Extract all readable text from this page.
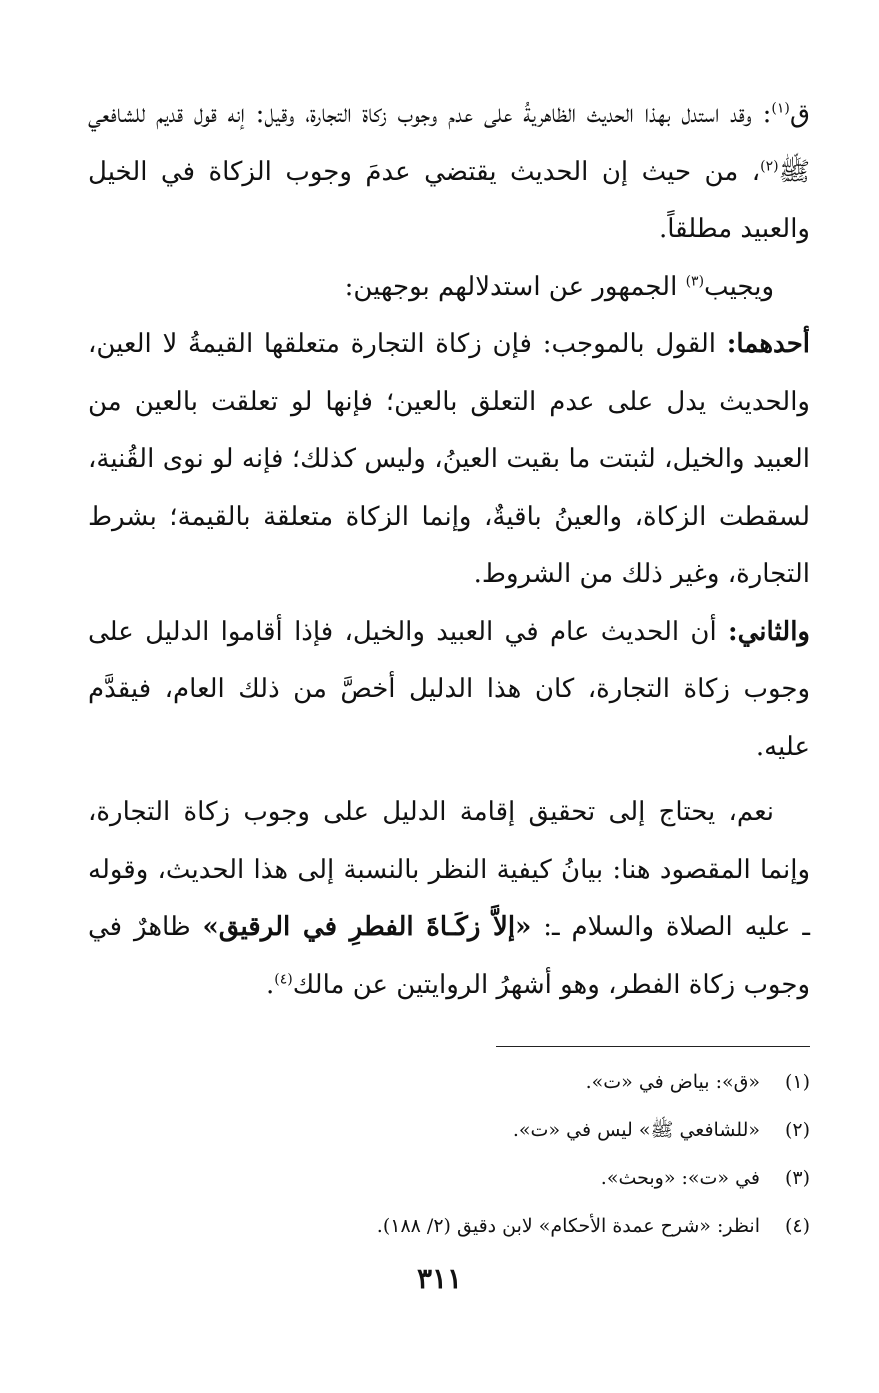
ق$^{(١)}$: وقد استدل بهذا الحديث الظاهريةُ على عدم وجوب زكاة التجارة، وقيل: إنه قول قديم للشافعي ﷺ$^{(٢)}$، من حيث إن الحديث يقتضي عدمَ وجوب الزكاة في الخيل والعبيد مطلقاً.

ويجيب$^{(٣)}$ الجمهور عن استدلالهم بوجهين:

أحدهما: القول بالموجب: فإن زكاة التجارة متعلقها القيمةُ لا العين، والحديث يدل على عدم التعلق بالعين؛ فإنها لو تعلقت بالعين من العبيد والخيل، لثبتت ما بقيت العينُ، وليس كذلك؛ فإنه لو نوى القُنية، لسقطت الزكاة، والعينُ باقيةٌ، وإنما الزكاة متعلقة بالقيمة؛ بشرط التجارة، وغير ذلك من الشروط.

والثاني: أن الحديث عام في العبيد والخيل، فإذا أقاموا الدليل على وجوب زكاة التجارة، كان هذا الدليل أخصَّ من ذلك العام، فيقدَّم عليه.

نعم، يحتاج إلى تحقيق إقامة الدليل على وجوب زكاة التجارة، وإنما المقصود هنا: بيانُ كيفية النظر بالنسبة إلى هذا الحديث، وقوله ـ عليه الصلاة والسلام ـ: «إلاَّ زكَـاةَ الفطرِ في الرقيق» ظاهرٌ في وجوب زكاة الفطر، وهو أشهرُ الروايتين عن مالك$^{(٤)}$.

(١)«ق»: بياض في «ت».
(٢)«للشافعي ﷺ» ليس في «ت».
(٣)في «ت»: «وبحث».
(٤)انظر: «شرح عمدة الأحكام» لابن دقيق (٢/ ١٨٨).
٣١١
